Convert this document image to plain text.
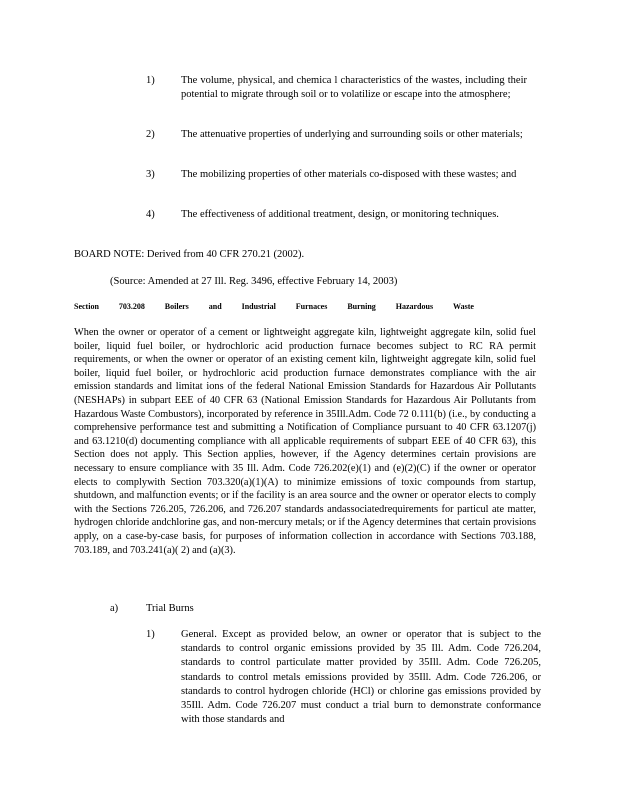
1)	The volume, physical, and chemica l characteristics of the wastes, including their potential to migrate through soil or to volatilize or escape into the atmosphere;
2)	The attenuative properties of underlying and surrounding soils or other materials;
3)	The mobilizing properties of other materials co-disposed with these wastes; and
4)	The effectiveness of additional treatment, design, or monitoring techniques.
BOARD NOTE: Derived from 40 CFR 270.21 (2002).
(Source: Amended at 27 Ill. Reg. 3496, effective February 14, 2003)
Section 703.208 Boilers and Industrial Furnaces Burning Hazardous Waste
When the owner or operator of a cement or lightweight aggregate kiln, lightweight aggregate kiln, solid fuel boiler, liquid fuel boiler, or hydrochloric acid production furnace becomes subject to RC RA permit requirements, or when the owner or operator of an existing cement kiln, lightweight aggregate kiln, solid fuel boiler, liquid fuel boiler, or hydrochloric acid production furnace demonstrates compliance with the air emission standards and limitat ions of the federal National Emission Standards for Hazardous Air Pollutants (NESHAPs) in subpart EEE of 40 CFR 63 (National Emission Standards for Hazardous Air Pollutants from Hazardous Waste Combustors), incorporated by reference in 35Ill.Adm. Code 72 0.111(b) (i.e., by conducting a comprehensive performance test and submitting a Notification of Compliance pursuant to 40 CFR 63.1207(j) and 63.1210(d) documenting compliance with all applicable requirements of subpart EEE of 40 CFR 63), this Section does not apply. This Section applies, however, if the Agency determines certain provisions are necessary to ensure compliance with 35 Ill. Adm. Code 726.202(e)(1) and (e)(2)(C) if the owner or operator elects to complywith Section 703.320(a)(1)(A) to minimize emissions of toxic compounds from startup, shutdown, and malfunction events; or if the facility is an area source and the owner or operator elects to comply with the Sections 726.205, 726.206, and 726.207 standards andassociatedrequirements for particul ate matter, hydrogen chloride andchlorine gas, and non-mercury metals; or if the Agency determines that certain provisions apply, on a case-by-case basis, for purposes of information collection in accordance with Sections 703.188, 703.189, and 703.241(a)( 2) and (a)(3).
a)	Trial Burns
1)	General. Except as provided below, an owner or operator that is subject to the standards to control organic emissions provided by 35 Ill. Adm. Code 726.204, standards to control particulate matter provided by 35Ill. Adm. Code 726.205, standards to control metals emissions provided by 35Ill. Adm. Code 726.206, or standards to control hydrogen chloride (HCl) or chlorine gas emissions provided by 35Ill. Adm. Code 726.207 must conduct a trial burn to demonstrate conformance with those standards and
